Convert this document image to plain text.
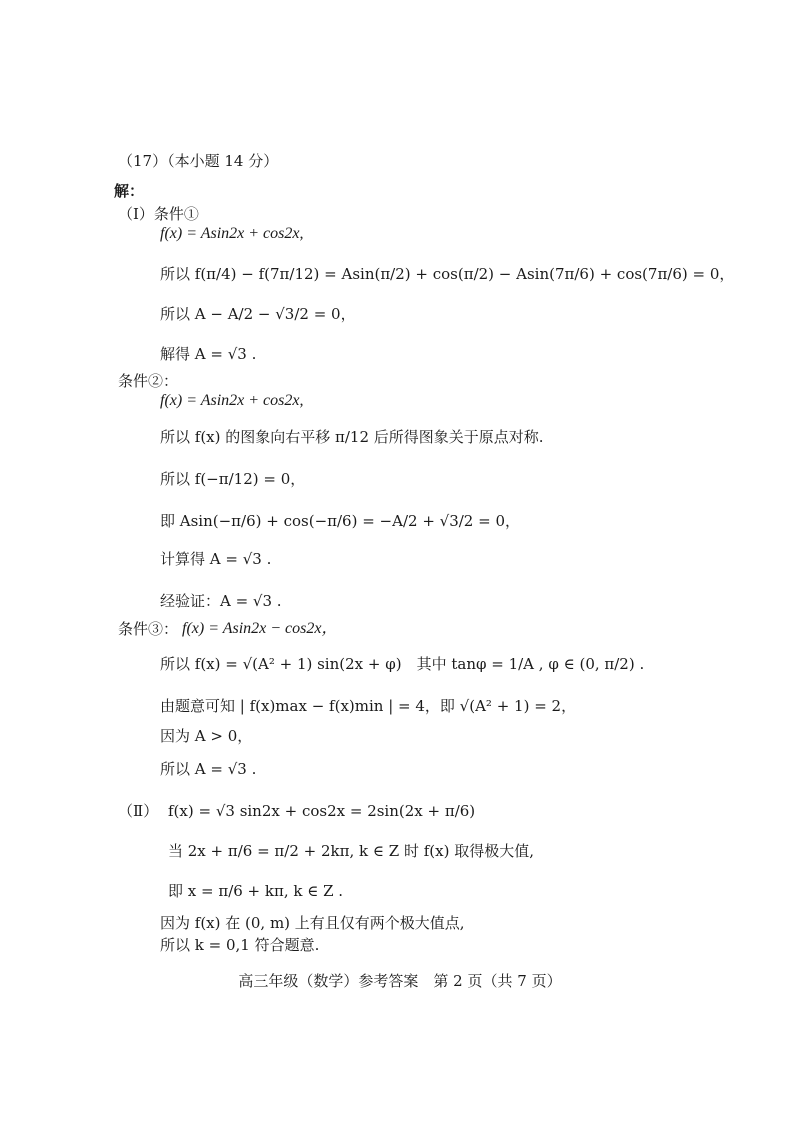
（17）（本小题 14 分）
解：
（Ⅰ）条件①
f(x) = Asin2x + cos2x,
所以 f(π/4) − f(7π/12) = Asin(π/2) + cos(π/2) − Asin(7π/6) + cos(7π/6) = 0，
所以 A − A/2 − √3/2 = 0，
解得 A = √3 .
条件②：
f(x) = Asin2x + cos2x,
所以 f(x) 的图象向右平移 π/12 后所得图象关于原点对称.
所以 f(−π/12) = 0，
即 Asin(−π/6) + cos(−π/6) = −A/2 + √3/2 = 0，
计算得 A = √3 .
经验证：A = √3 .
条件③： f(x) = Asin2x − cos2x，
所以 f(x) = √(A² + 1) sin(2x + φ)　其中 tanφ = 1/A , φ ∈ (0, π/2) .
由题意可知 | f(x)max − f(x)min | = 4，即 √(A² + 1) = 2，
因为 A > 0，
所以 A = √3 .
（Ⅱ） f(x) = √3 sin2x + cos2x = 2sin(2x + π/6)
当 2x + π/6 = π/2 + 2kπ, k ∈ Z 时 f(x) 取得极大值,
即 x = π/6 + kπ, k ∈ Z .
因为 f(x) 在 (0, m) 上有且仅有两个极大值点,
所以 k = 0,1 符合题意.
高三年级（数学）参考答案　第 2 页（共 7 页）
